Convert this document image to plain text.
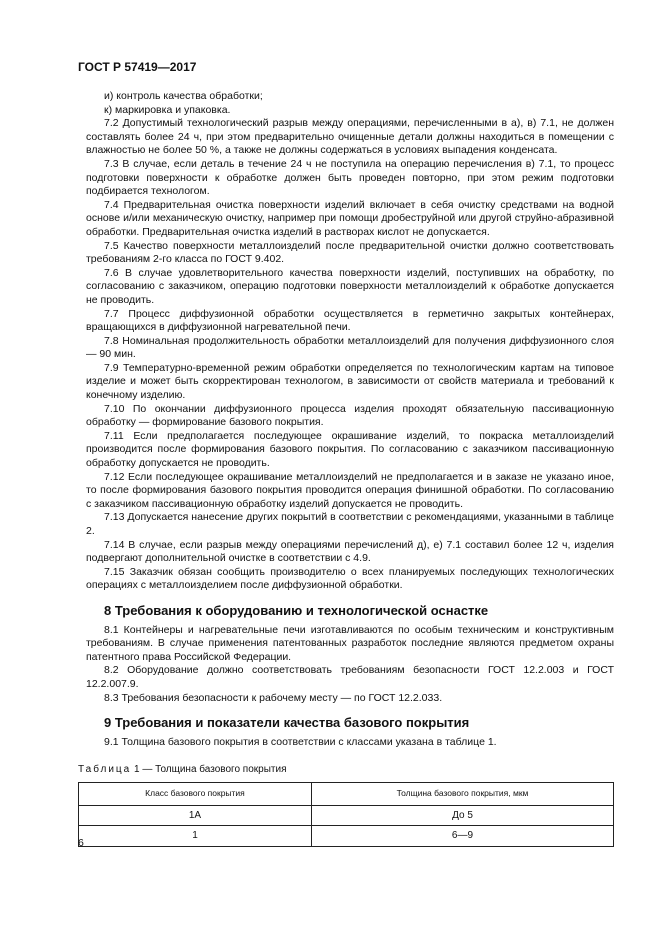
ГОСТ Р 57419—2017

и) контроль качества обработки;

к) маркировка и упаковка.

7.2 Допустимый технологический разрыв между операциями, перечисленными в а), в) 7.1, не должен составлять более 24 ч, при этом предварительно очищенные детали должны находиться в помещении с влажностью не более 50 %, а также не должны содержаться в условиях выпадения конденсата.

7.3 В случае, если деталь в течение 24 ч не поступила на операцию перечисления в) 7.1, то процесс подготовки поверхности к обработке должен быть проведен повторно, при этом режим подготовки подбирается технологом.

7.4 Предварительная очистка поверхности изделий включает в себя очистку средствами на водной основе и/или механическую очистку, например при помощи дробеструйной или другой струйно-абразивной обработки. Предварительная очистка изделий в растворах кислот не допускается.

7.5 Качество поверхности металлоизделий после предварительной очистки должно соответствовать требованиям 2-го класса по ГОСТ 9.402.

7.6 В случае удовлетворительного качества поверхности изделий, поступивших на обработку, по согласованию с заказчиком, операцию подготовки поверхности металлоизделий к обработке допускается не проводить.

7.7 Процесс диффузионной обработки осуществляется в герметично закрытых контейнерах, вращающихся в диффузионной нагревательной печи.

7.8 Номинальная продолжительность обработки металлоизделий для получения диффузионного слоя — 90 мин.

7.9 Температурно-временной режим обработки определяется по технологическим картам на типовое изделие и может быть скорректирован технологом, в зависимости от свойств материала и требований к конечному изделию.

7.10 По окончании диффузионного процесса изделия проходят обязательную пассивационную обработку — формирование базового покрытия.

7.11 Если предполагается последующее окрашивание изделий, то покраска металлоизделий производится после формирования базового покрытия. По согласованию с заказчиком пассивационную обработку допускается не проводить.

7.12 Если последующее окрашивание металлоизделий не предполагается и в заказе не указано иное, то после формирования базового покрытия проводится операция финишной обработки. По согласованию с заказчиком пассивационную обработку изделий допускается не проводить.

7.13 Допускается нанесение других покрытий в соответствии с рекомендациями, указанными в таблице 2.

7.14 В случае, если разрыв между операциями перечислений д), е) 7.1 составил более 12 ч, изделия подвергают дополнительной очистке в соответствии с 4.9.

7.15 Заказчик обязан сообщить производителю о всех планируемых последующих технологических операциях с металлоизделием после диффузионной обработки.

8 Требования к оборудованию и технологической оснастке

8.1 Контейнеры и нагревательные печи изготавливаются по особым техническим и конструктивным требованиям. В случае применения патентованных разработок последние являются предметом охраны патентного права Российской Федерации.

8.2 Оборудование должно соответствовать требованиям безопасности ГОСТ 12.2.003 и ГОСТ 12.2.007.9.

8.3 Требования безопасности к рабочему месту — по ГОСТ 12.2.033.

9 Требования и показатели качества базового покрытия

9.1 Толщина базового покрытия в соответствии с классами указана в таблице 1.

Таблица 1 — Толщина базового покрытия
Класс базового покрытия	Толщина базового покрытия, мкм
1А	До 5
1	6—9
6
